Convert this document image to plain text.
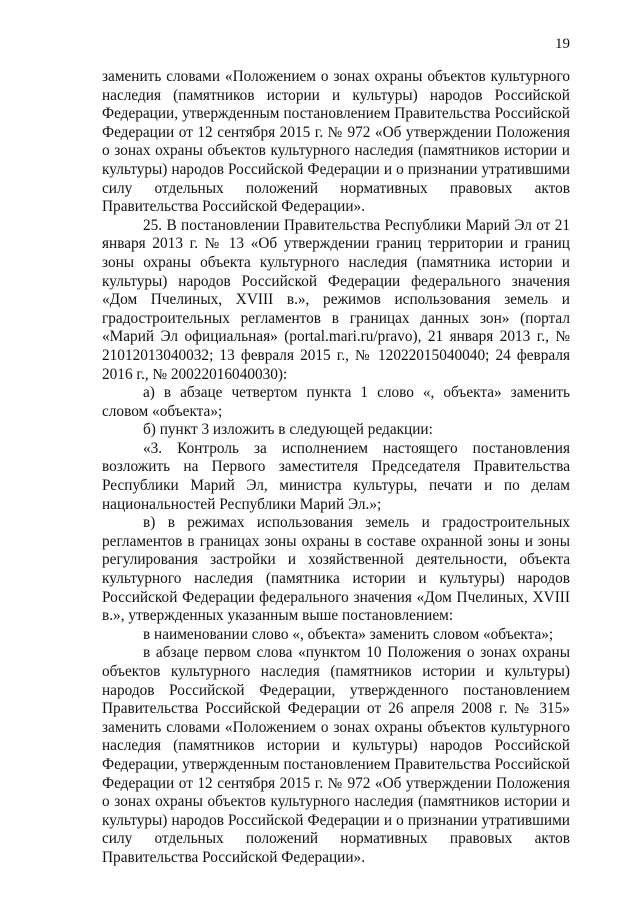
19

заменить словами «Положением о зонах охраны объектов культурного наследия (памятников истории и культуры) народов Российской Федерации, утвержденным постановлением Правительства Российской Федерации от 12 сентября 2015 г. № 972 «Об утверждении Положения о зонах охраны объектов культурного наследия (памятников истории и культуры) народов Российской Федерации и о признании утратившими силу отдельных положений нормативных правовых актов Правительства Российской Федерации».

25. В постановлении Правительства Республики Марий Эл от 21 января 2013 г. № 13 «Об утверждении границ территории и границ зоны охраны объекта культурного наследия (памятника истории и культуры) народов Российской Федерации федерального значения «Дом Пчелиных, XVIII в.», режимов использования земель и градостроительных регламентов в границах данных зон» (портал «Марий Эл официальная» (portal.mari.ru/pravo), 21 января 2013 г., № 21012013040032; 13 февраля 2015 г., № 12022015040040; 24 февраля 2016 г., № 20022016040030):

а) в абзаце четвертом пункта 1 слово «, объекта» заменить словом «объекта»;

б) пункт 3 изложить в следующей редакции:

«3. Контроль за исполнением настоящего постановления возложить на Первого заместителя Председателя Правительства Республики Марий Эл, министра культуры, печати и по делам национальностей Республики Марий Эл.»;

в) в режимах использования земель и градостроительных регламентов в границах зоны охраны в составе охранной зоны и зоны регулирования застройки и хозяйственной деятельности, объекта культурного наследия (памятника истории и культуры) народов Российской Федерации федерального значения «Дом Пчелиных, XVIII в.», утвержденных указанным выше постановлением:

в наименовании слово «, объекта» заменить словом «объекта»;

в абзаце первом слова «пунктом 10 Положения о зонах охраны объектов культурного наследия (памятников истории и культуры) народов Российской Федерации, утвержденного постановлением Правительства Российской Федерации от 26 апреля 2008 г. № 315» заменить словами «Положением о зонах охраны объектов культурного наследия (памятников истории и культуры) народов Российской Федерации, утвержденным постановлением Правительства Российской Федерации от 12 сентября 2015 г. № 972 «Об утверждении Положения о зонах охраны объектов культурного наследия (памятников истории и культуры) народов Российской Федерации и о признании утратившими силу отдельных положений нормативных правовых актов Правительства Российской Федерации».
